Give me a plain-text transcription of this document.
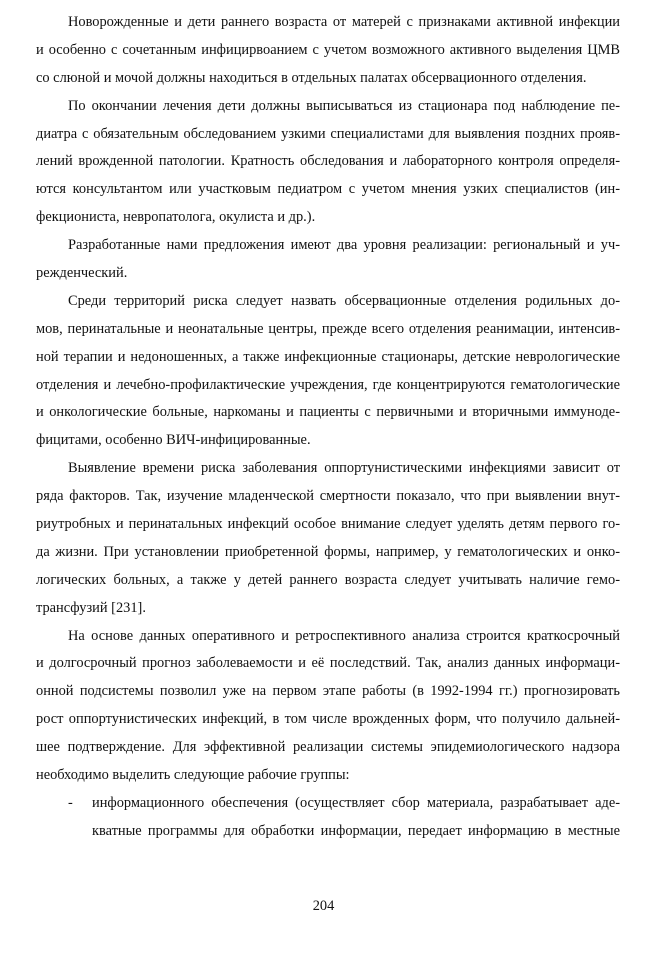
Новорожденные и дети раннего возраста от матерей с признаками активной инфекции
и особенно с сочетанным инфицирвоанием с учетом возможного активного выделения ЦМВ
со слюной и мочой должны находиться в отдельных палатах обсервационного отделения.
По окончании лечения дети должны выписываться из стационара под наблюдение пе-
диатра с обязательным обследованием узкими специалистами для выявления поздних прояв-
лений врожденной патологии. Кратность обследования и лабораторного контроля определя-
ются консультантом или участковым педиатром с учетом мнения узких специалистов (ин-
фекциониста, невропатолога, окулиста и др.).
Разработанные нами предложения имеют два уровня реализации: региональный и уч-
режденческий.
Среди территорий риска следует назвать обсервационные отделения родильных до-
мов, перинатальные и неонатальные центры, прежде всего отделения реанимации, интенсив-
ной терапии и недоношенных, а также инфекционные стационары, детские неврологические
отделения и лечебно-профилактические учреждения, где концентрируются гематологические
и онкологические больные, наркоманы и пациенты с первичными и вторичными иммуноде-
фицитами, особенно ВИЧ-инфицированные.
Выявление времени риска заболевания оппортунистическими инфекциями зависит от
ряда факторов. Так, изучение младенческой смертности показало, что при выявлении внут-
риутробных и перинатальных инфекций особое внимание следует уделять детям первого го-
да жизни. При установлении приобретенной формы, например, у гематологических и онко-
логических больных, а также у детей раннего возраста следует учитывать наличие гемо-
трансфузий [231].
На основе данных оперативного и ретроспективного анализа строится краткосрочный
и долгосрочный прогноз заболеваемости и её последствий. Так, анализ данных информаци-
онной подсистемы позволил уже на первом этапе работы (в 1992-1994 гг.) прогнозировать
рост оппортунистических инфекций, в том числе врожденных форм, что получило дальней-
шее подтверждение. Для эффективной реализации системы эпидемиологического надзора
необходимо выделить следующие рабочие группы:
- информационного обеспечения (осуществляет сбор материала, разрабатывает аде-
кватные программы для обработки информации, передает информацию в местные
204
